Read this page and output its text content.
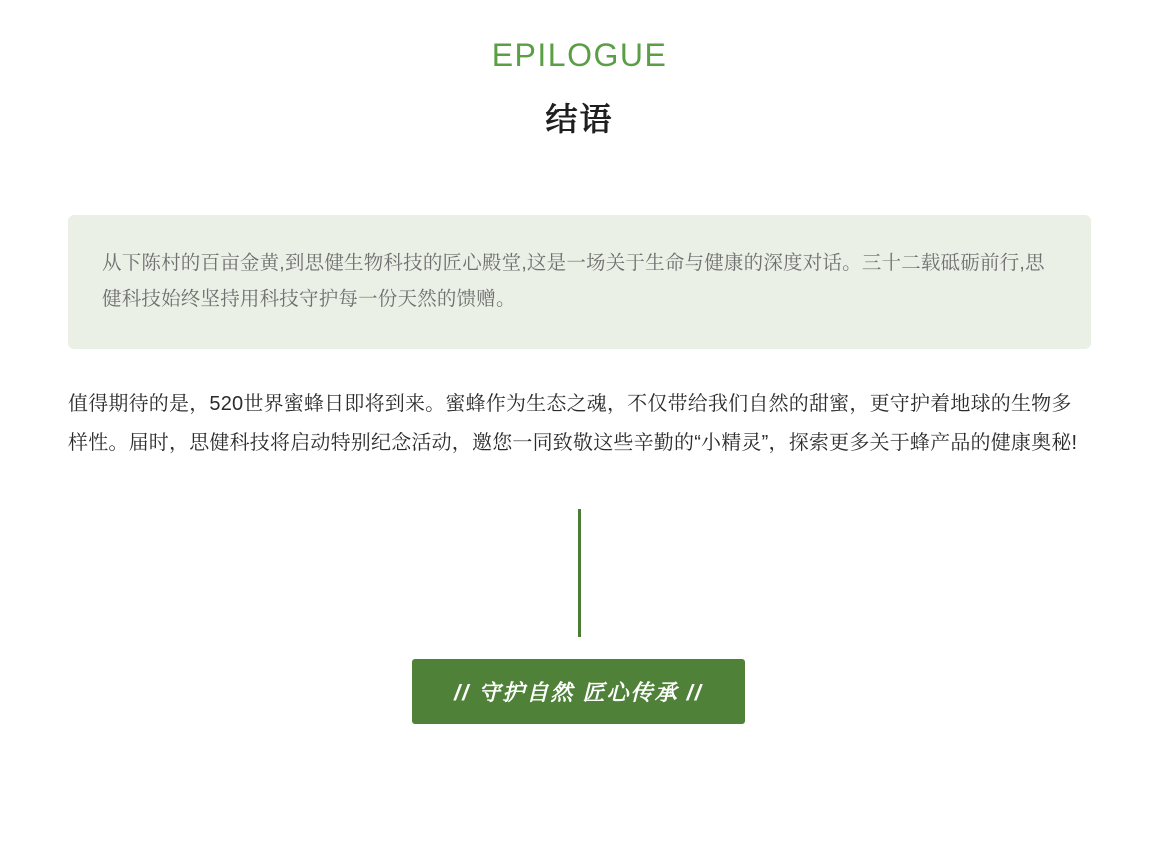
EPILOGUE
结语

从下陈村的百亩金黄,到思健生物科技的匠心殿堂,这是一场关于生命与健康的深度对话。三十二载砥砺前行,思健科技始终坚持用科技守护每一份天然的馈赠。

值得期待的是，520世界蜜蜂日即将到来。蜜蜂作为生态之魂，不仅带给我们自然的甜蜜，更守护着地球的生物多样性。届时，思健科技将启动特别纪念活动，邀您一同致敬这些辛勤的“小精灵”，探索更多关于蜂产品的健康奥秘!

// 守护自然 匠心传承 //
